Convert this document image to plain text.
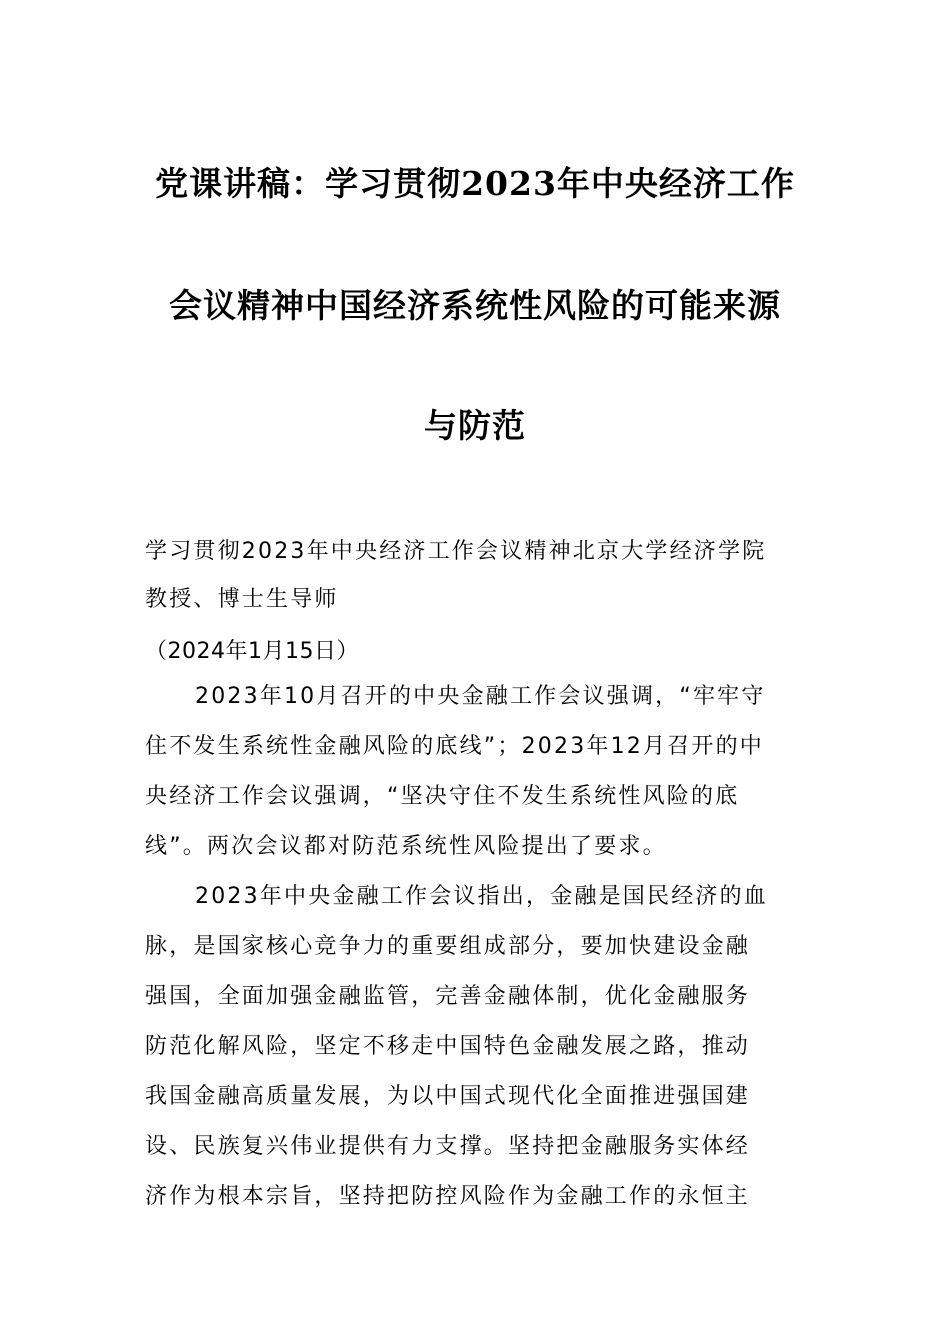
党课讲稿：学习贯彻2023年中央经济工作
会议精神中国经济系统性风险的可能来源
与防范
学习贯彻2023年中央经济工作会议精神北京大学经济学院
教授、博士生导师
（2024年1月15日）
2023年10月召开的中央金融工作会议强调，“牢牢守
住不发生系统性金融风险的底线”；2023年12月召开的中
央经济工作会议强调，“坚决守住不发生系统性风险的底
线”。两次会议都对防范系统性风险提出了要求。
2023年中央金融工作会议指出，金融是国民经济的血
脉，是国家核心竞争力的重要组成部分，要加快建设金融
强国，全面加强金融监管，完善金融体制，优化金融服务
防范化解风险，坚定不移走中国特色金融发展之路，推动
我国金融高质量发展，为以中国式现代化全面推进强国建
设、民族复兴伟业提供有力支撑。坚持把金融服务实体经
济作为根本宗旨，坚持把防控风险作为金融工作的永恒主
